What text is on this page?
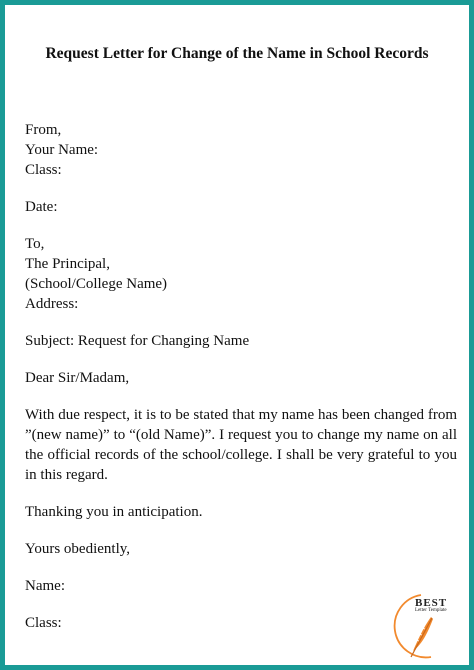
Request Letter for Change of the Name in School Records
From,
Your Name:
Class:
Date:
To,
The Principal,
(School/College Name)
Address:
Subject: Request for Changing Name
Dear Sir/Madam,
With due respect, it is to be stated that my name has been changed from ”(new name)” to “(old Name)”. I request you to change my name on all the official records of the school/college. I shall be very grateful to you in this regard.
Thanking you in anticipation.
Yours obediently,
Name:
Class:
BEST
Letter Template
